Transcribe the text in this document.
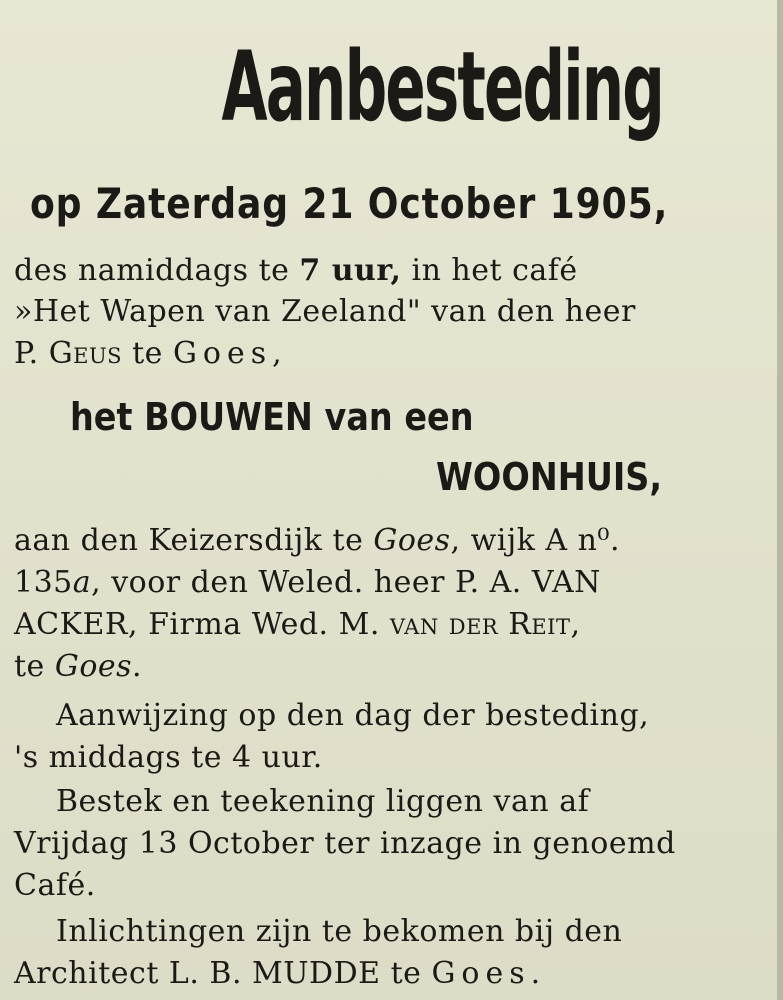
Aanbesteding
op Zaterdag 21 October 1905,
des namiddags te 7 uur, in het café
»Het Wapen van Zeeland" van den heer
P. Geus te Goes,
het BOUWEN van een
WOONHUIS,
aan den Keizersdijk te Goes, wijk A n⁰.
135a, voor den Weled. heer P. A. VAN
ACKER, Firma Wed. M. van der Reit,
te Goes.
Aanwijzing op den dag der besteding,
's middags te 4 uur.
Bestek en teekening liggen van af
Vrijdag 13 October ter inzage in genoemd
Café.
Inlichtingen zijn te bekomen bij den
Architect L. B. MUDDE te Goes.
